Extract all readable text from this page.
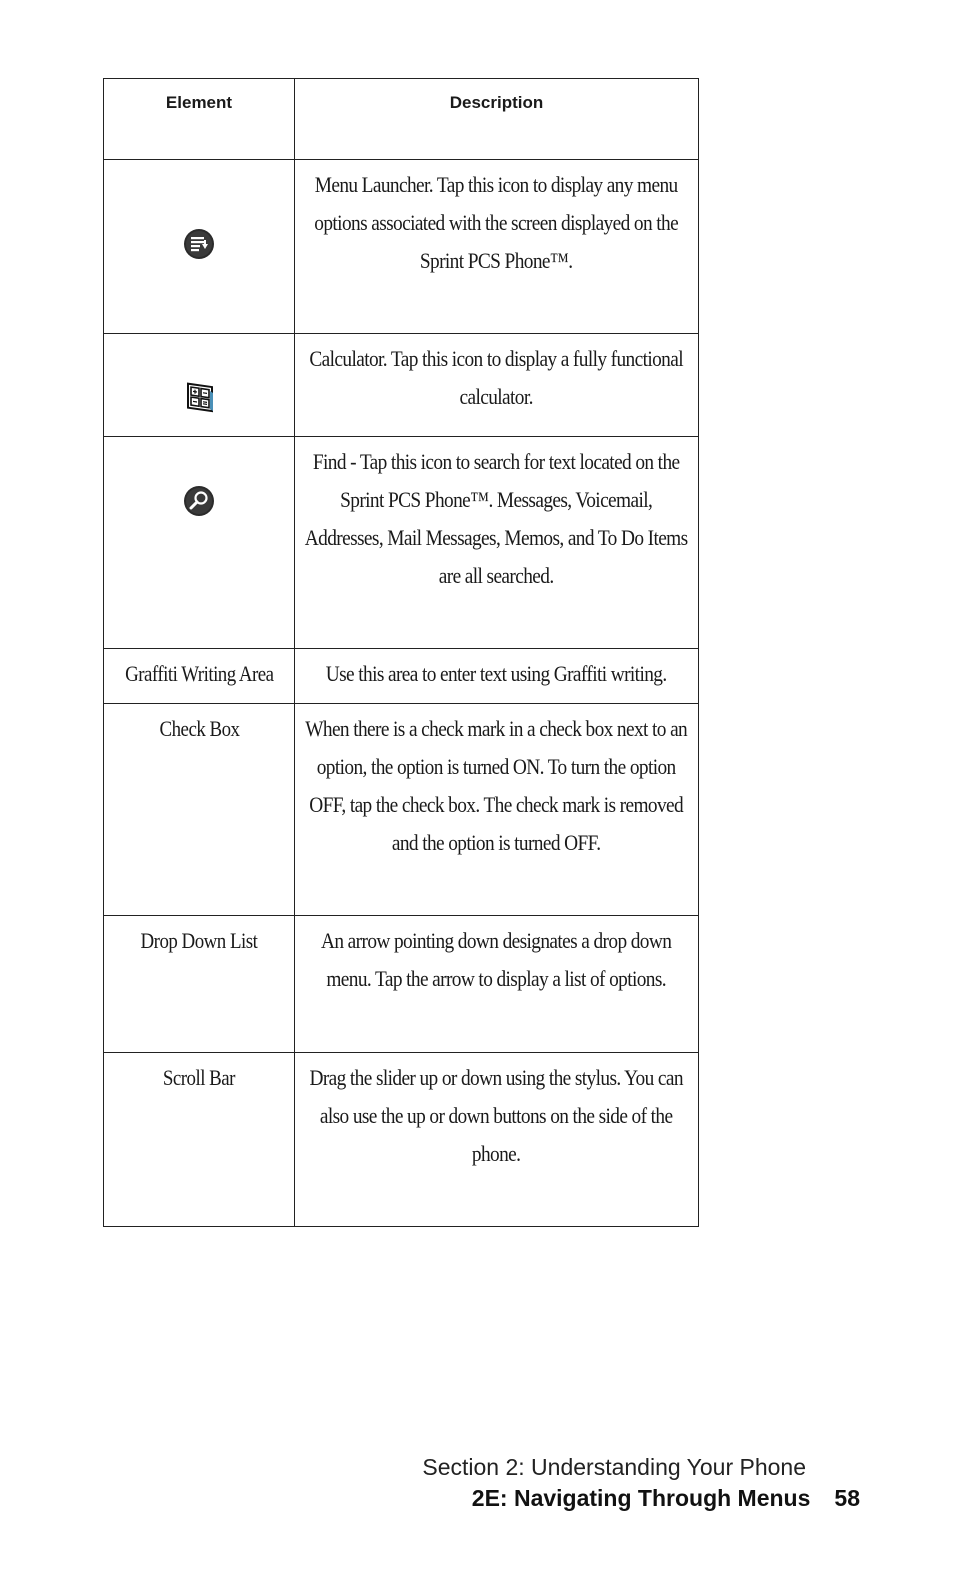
Element	Description

Menu Launcher. Tap this icon to display any menu options associated with the screen displayed on the Sprint PCS Phone™.

Calculator. Tap this icon to display a fully functional calculator.

Find - Tap this icon to search for text located on the Sprint PCS Phone™. Messages, Voicemail, Addresses, Mail Messages, Memos, and To Do Items are all searched.

Graffiti Writing Area	Use this area to enter text using Graffiti writing.

Check Box	When there is a check mark in a check box next to an option, the option is turned ON. To turn the option OFF, tap the check box. The check mark is removed and the option is turned OFF.

Drop Down List	An arrow pointing down designates a drop down menu. Tap the arrow to display a list of options.

Scroll Bar	Drag the slider up or down using the stylus. You can also use the up or down buttons on the side of the phone.
Section 2: Understanding Your Phone
2E: Navigating Through Menus 58
